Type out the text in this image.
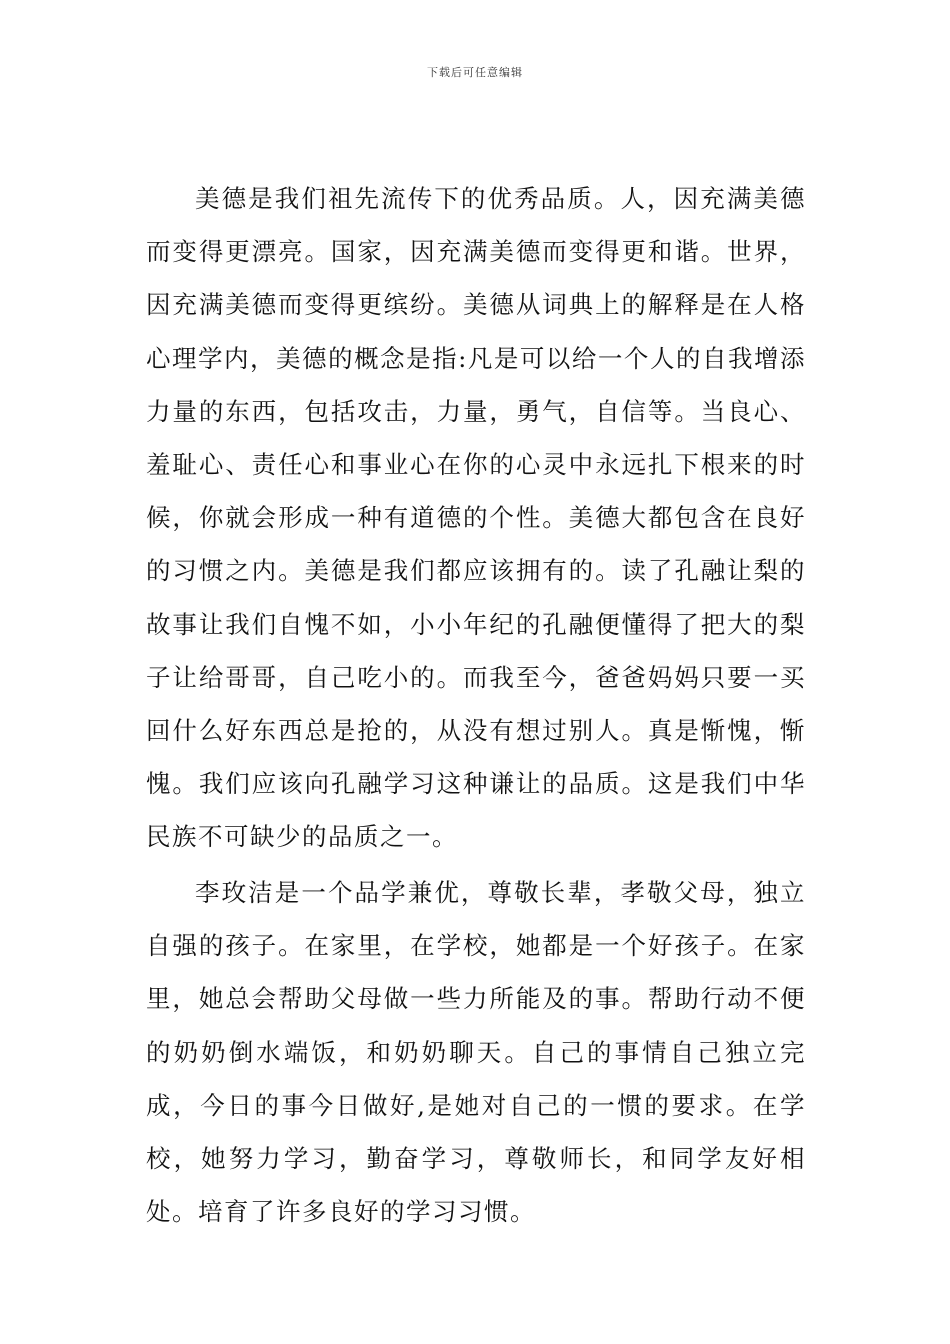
下载后可任意编辑

美德是我们祖先流传下的优秀品质。人，因充满美德而变得更漂亮。国家，因充满美德而变得更和谐。世界，因充满美德而变得更缤纷。美德从词典上的解释是在人格心理学内，美德的概念是指:凡是可以给一个人的自我增添力量的东西，包括攻击，力量，勇气，自信等。当良心、羞耻心、责任心和事业心在你的心灵中永远扎下根来的时候，你就会形成一种有道德的个性。美德大都包含在良好的习惯之内。美德是我们都应该拥有的。读了孔融让梨的故事让我们自愧不如，小小年纪的孔融便懂得了把大的梨子让给哥哥，自己吃小的。而我至今，爸爸妈妈只要一买回什么好东西总是抢的，从没有想过别人。真是惭愧，惭愧。我们应该向孔融学习这种谦让的品质。这是我们中华民族不可缺少的品质之一。

李玫洁是一个品学兼优，尊敬长辈，孝敬父母，独立自强的孩子。在家里，在学校，她都是一个好孩子。在家里，她总会帮助父母做一些力所能及的事。帮助行动不便的奶奶倒水端饭，和奶奶聊天。自己的事情自己独立完成，今日的事今日做好,是她对自己的一惯的要求。在学校，她努力学习，勤奋学习，尊敬师长，和同学友好相处。培育了许多良好的学习习惯。
